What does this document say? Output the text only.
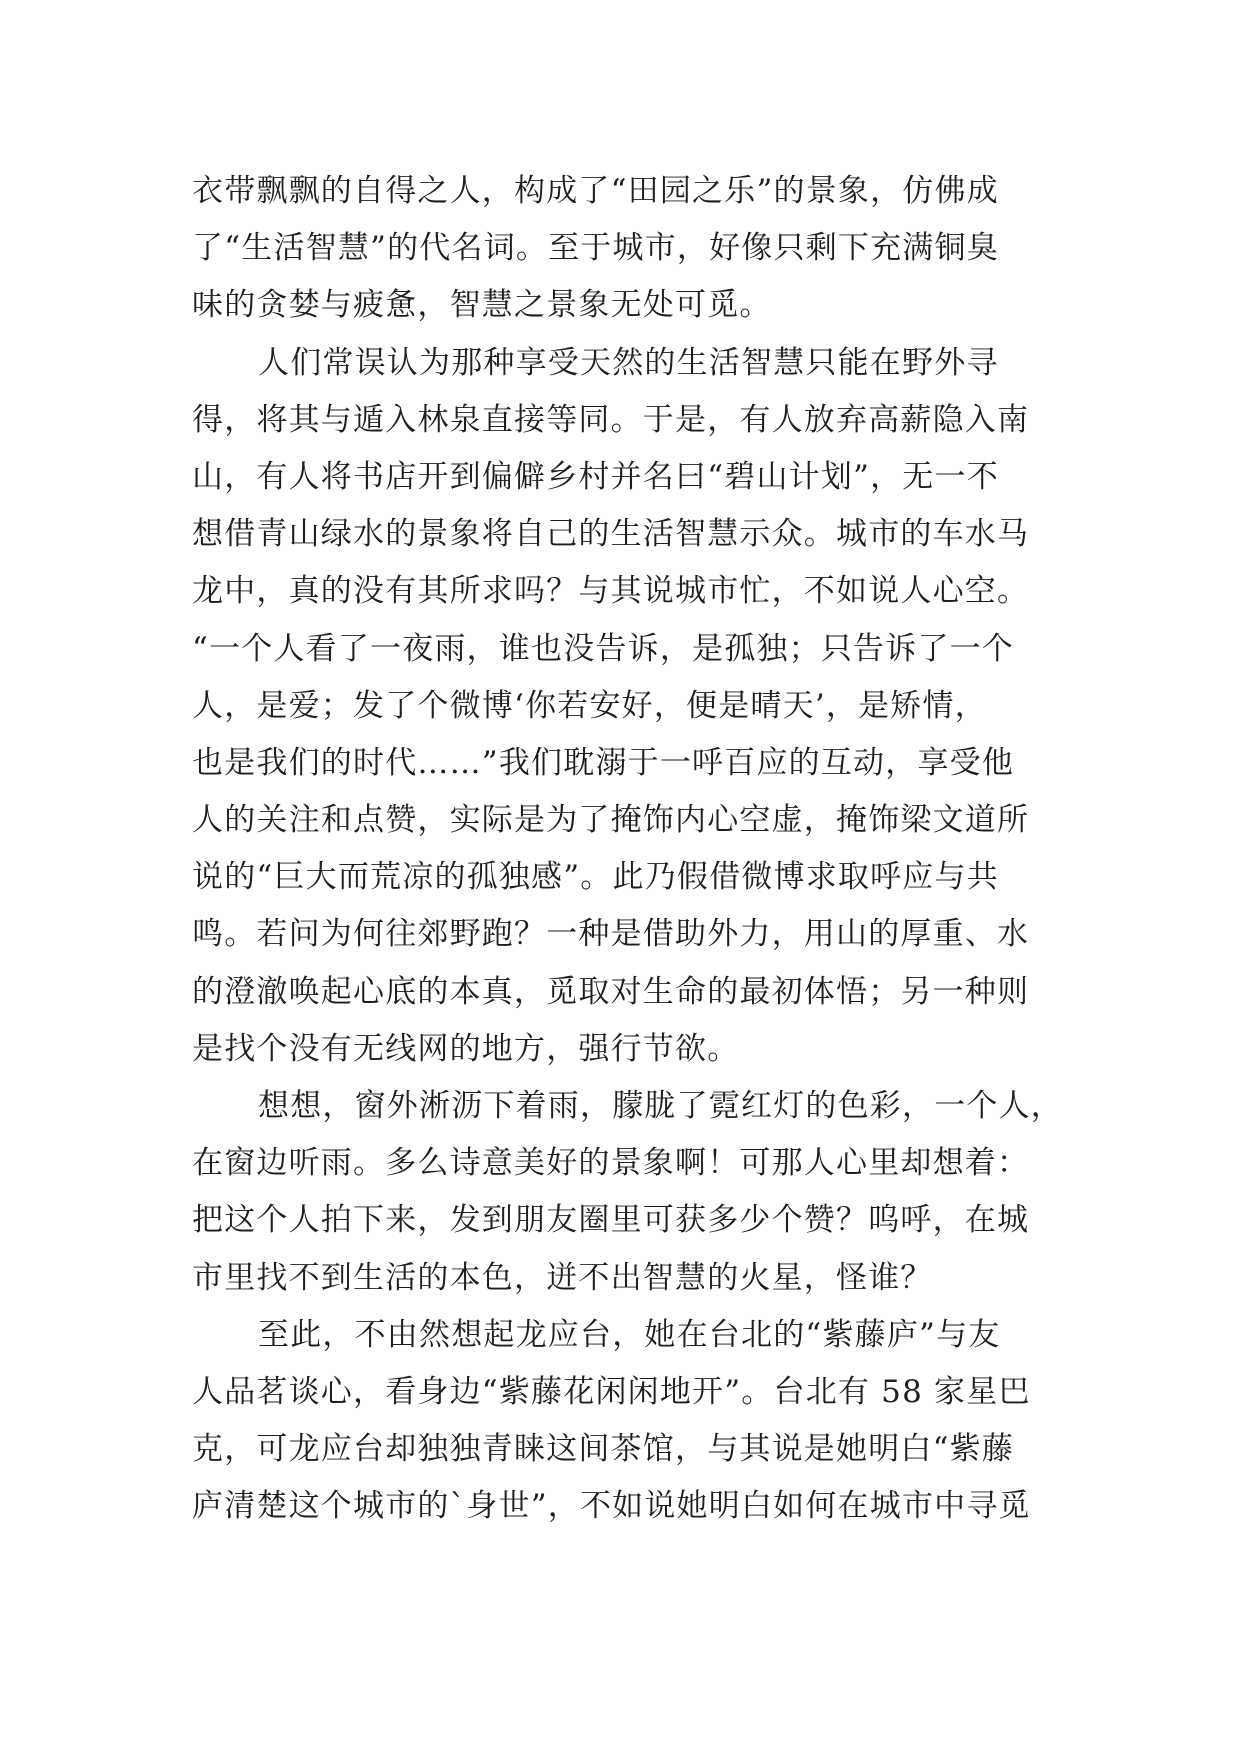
衣带飘飘的自得之人，构成了“田园之乐”的景象，仿佛成
了“生活智慧”的代名词。至于城市，好像只剩下充满铜臭
味的贪婪与疲惫，智慧之景象无处可觅。
人们常误认为那种享受天然的生活智慧只能在野外寻
得，将其与遁入林泉直接等同。于是，有人放弃高薪隐入南
山，有人将书店开到偏僻乡村并名曰“碧山计划”，无一不
想借青山绿水的景象将自己的生活智慧示众。城市的车水马
龙中，真的没有其所求吗？与其说城市忙，不如说人心空。
“一个人看了一夜雨，谁也没告诉，是孤独；只告诉了一个
人，是爱；发了个微博‘你若安好，便是晴天’，是矫情，
也是我们的时代……”我们耽溺于一呼百应的互动，享受他
人的关注和点赞，实际是为了掩饰内心空虚，掩饰梁文道所
说的“巨大而荒凉的孤独感”。此乃假借微博求取呼应与共
鸣。若问为何往郊野跑？一种是借助外力，用山的厚重、水
的澄澈唤起心底的本真，觅取对生命的最初体悟；另一种则
是找个没有无线网的地方，强行节欲。
想想，窗外淅沥下着雨，朦胧了霓红灯的色彩，一个人，
在窗边听雨。多么诗意美好的景象啊！可那人心里却想着：
把这个人拍下来，发到朋友圈里可获多少个赞？呜呼，在城
市里找不到生活的本色，迸不出智慧的火星，怪谁？
至此，不由然想起龙应台，她在台北的“紫藤庐”与友
人品茗谈心，看身边“紫藤花闲闲地开”。台北有 58 家星巴
克，可龙应台却独独青睐这间茶馆，与其说是她明白“紫藤
庐清楚这个城市的`身世”，不如说她明白如何在城市中寻觅
